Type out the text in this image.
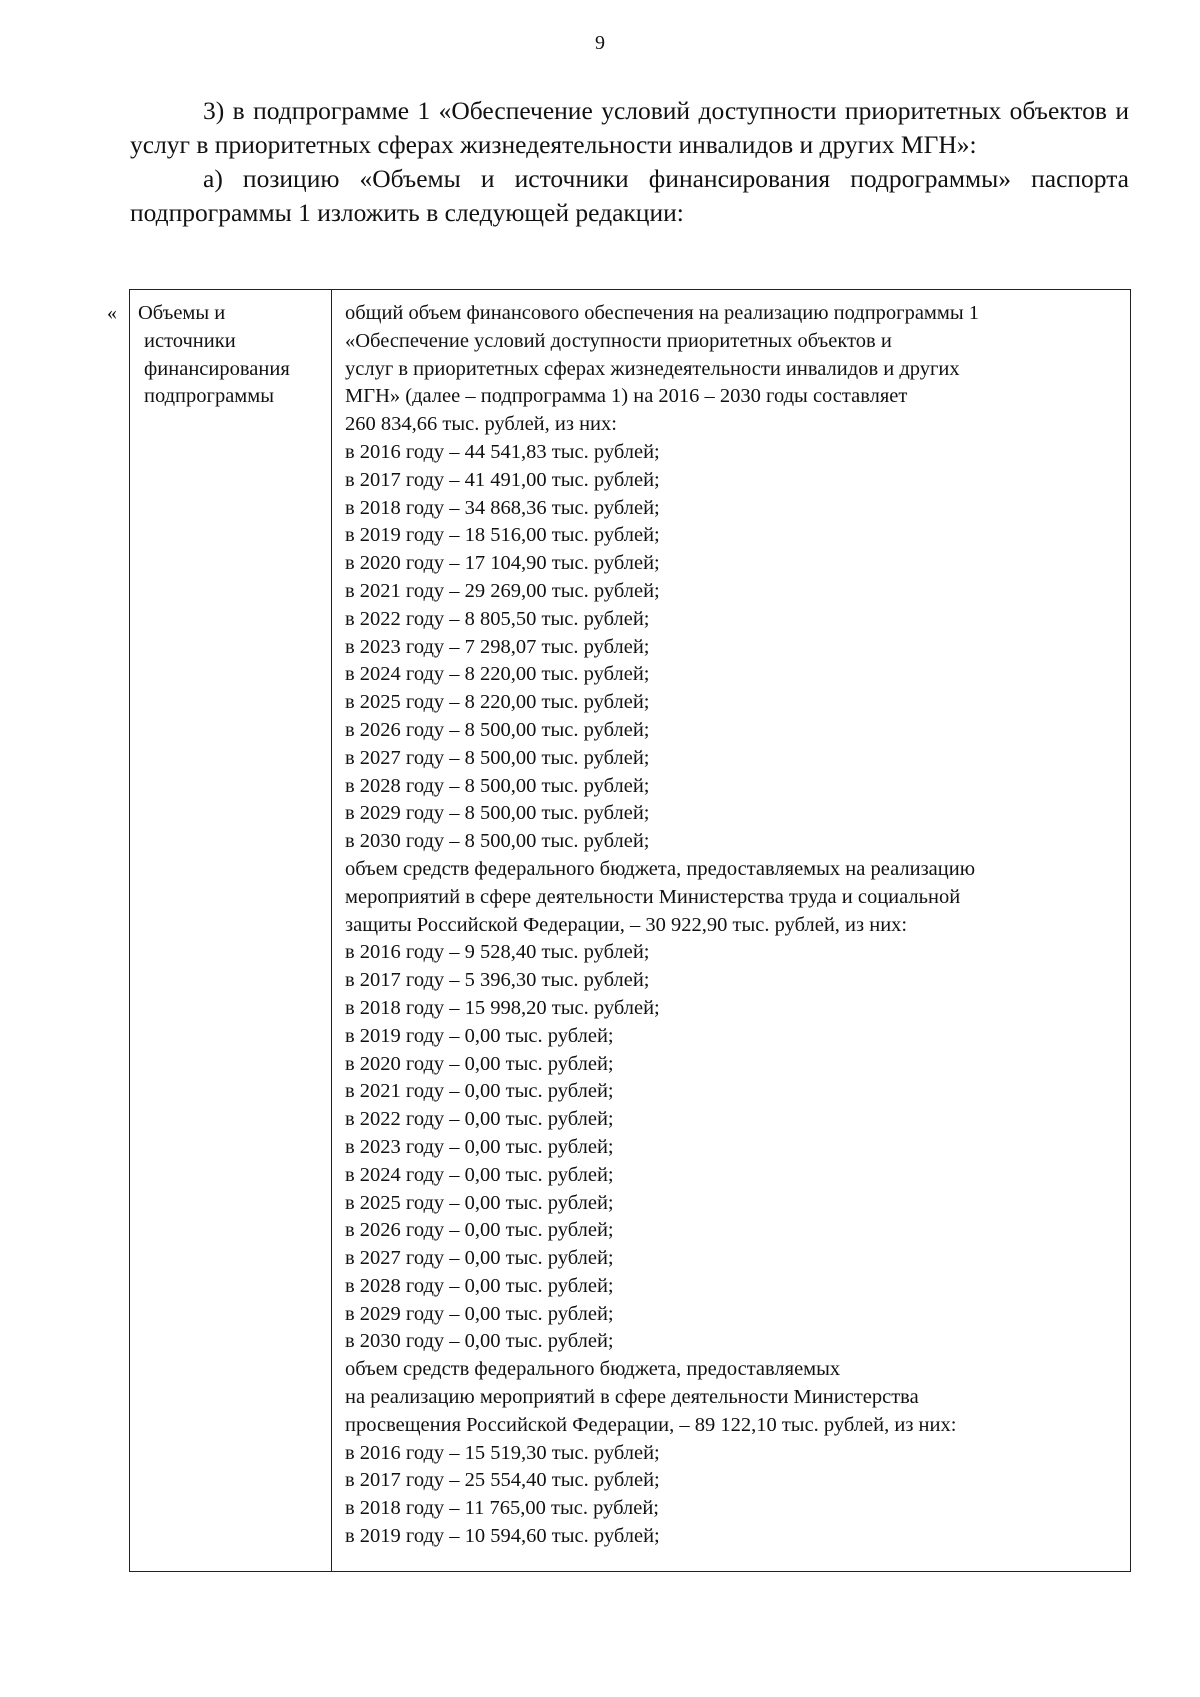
9

3) в подпрограмме 1 «Обеспечение условий доступности приоритетных объектов и услуг в приоритетных сферах жизнедеятельности инвалидов и других МГН»:

а) позицию «Объемы и источники финансирования подрограммы» паспорта подпрограммы 1 изложить в следующей редакции:

« Объемы и
источники
финансирования
подпрограммы
общий объем финансового обеспечения на реализацию подпрограммы 1
«Обеспечение условий доступности приоритетных объектов и
услуг в приоритетных сферах жизнедеятельности инвалидов и других
МГН» (далее – подпрограмма 1) на 2016 – 2030 годы составляет
260 834,66 тыс. рублей, из них:
в 2016 году – 44 541,83 тыс. рублей;
в 2017 году – 41 491,00 тыс. рублей;
в 2018 году – 34 868,36 тыс. рублей;
в 2019 году – 18 516,00 тыс. рублей;
в 2020 году – 17 104,90 тыс. рублей;
в 2021 году – 29 269,00 тыс. рублей;
в 2022 году – 8 805,50 тыс. рублей;
в 2023 году – 7 298,07 тыс. рублей;
в 2024 году – 8 220,00 тыс. рублей;
в 2025 году – 8 220,00 тыс. рублей;
в 2026 году – 8 500,00 тыс. рублей;
в 2027 году – 8 500,00 тыс. рублей;
в 2028 году – 8 500,00 тыс. рублей;
в 2029 году – 8 500,00 тыс. рублей;
в 2030 году – 8 500,00 тыс. рублей;
объем средств федерального бюджета, предоставляемых на реализацию
мероприятий в сфере деятельности Министерства труда и социальной
защиты Российской Федерации, – 30 922,90 тыс. рублей, из них:
в 2016 году – 9 528,40 тыс. рублей;
в 2017 году – 5 396,30 тыс. рублей;
в 2018 году – 15 998,20 тыс. рублей;
в 2019 году – 0,00 тыс. рублей;
в 2020 году – 0,00 тыс. рублей;
в 2021 году – 0,00 тыс. рублей;
в 2022 году – 0,00 тыс. рублей;
в 2023 году – 0,00 тыс. рублей;
в 2024 году – 0,00 тыс. рублей;
в 2025 году – 0,00 тыс. рублей;
в 2026 году – 0,00 тыс. рублей;
в 2027 году – 0,00 тыс. рублей;
в 2028 году – 0,00 тыс. рублей;
в 2029 году – 0,00 тыс. рублей;
в 2030 году – 0,00 тыс. рублей;
объем средств федерального бюджета, предоставляемых
на реализацию мероприятий в сфере деятельности Министерства
просвещения Российской Федерации, – 89 122,10 тыс. рублей, из них:
в 2016 году – 15 519,30 тыс. рублей;
в 2017 году – 25 554,40 тыс. рублей;
в 2018 году – 11 765,00 тыс. рублей;
в 2019 году – 10 594,60 тыс. рублей;
